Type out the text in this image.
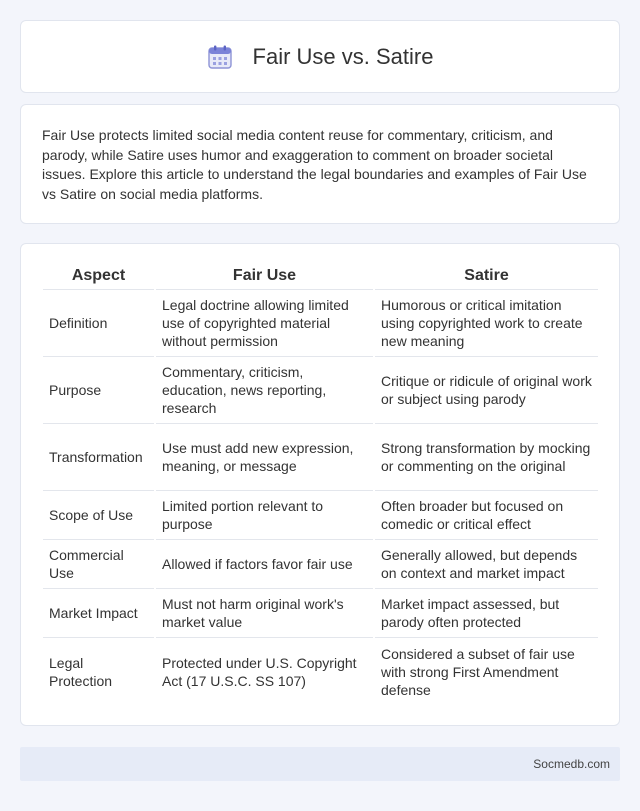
Fair Use vs. Satire

Fair Use protects limited social media content reuse for commentary, criticism, and parody, while Satire uses humor and exaggeration to comment on broader societal issues. Explore this article to understand the legal boundaries and examples of Fair Use vs Satire on social media platforms.

Aspect	Fair Use	Satire
Definition	Legal doctrine allowing limited use of copyrighted material without permission	Humorous or critical imitation using copyrighted work to create new meaning
Purpose	Commentary, criticism, education, news reporting, research	Critique or ridicule of original work or subject using parody
Transformation	Use must add new expression, meaning, or message	Strong transformation by mocking or commenting on the original
Scope of Use	Limited portion relevant to purpose	Often broader but focused on comedic or critical effect
Commercial Use	Allowed if factors favor fair use	Generally allowed, but depends on context and market impact
Market Impact	Must not harm original work's market value	Market impact assessed, but parody often protected
Legal Protection	Protected under U.S. Copyright Act (17 U.S.C. SS 107)	Considered a subset of fair use with strong First Amendment defense
Socmedb.com
